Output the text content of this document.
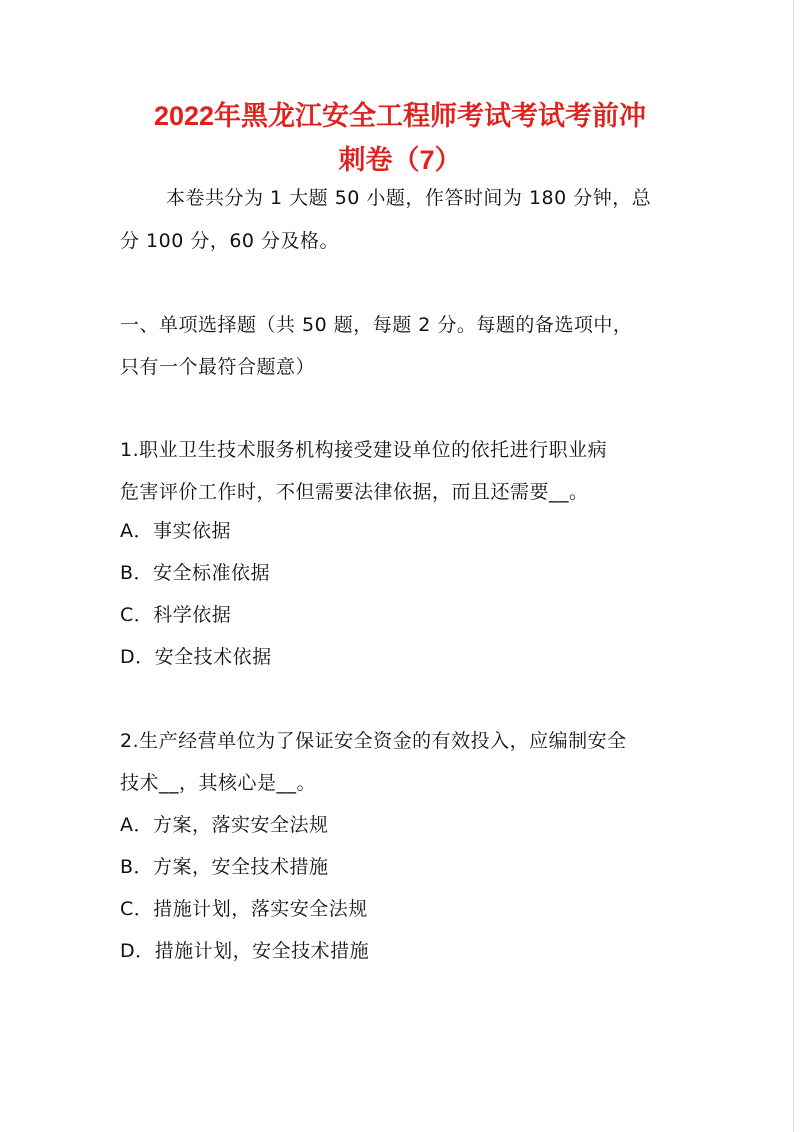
2022年黑龙江安全工程师考试考试考前冲
刺卷（7）

本卷共分为 1 大题 50 小题，作答时间为 180 分钟，总

分 100 分，60 分及格。

一、单项选择题（共 50 题，每题 2 分。每题的备选项中，

只有一个最符合题意）

1.职业卫生技术服务机构接受建设单位的依托进行职业病

危害评价工作时，不但需要法律依据，而且还需要__。

A．事实依据

B．安全标准依据

C．科学依据

D．安全技术依据

2.生产经营单位为了保证安全资金的有效投入，应编制安全

技术__，其核心是__。

A．方案，落实安全法规

B．方案，安全技术措施

C．措施计划，落实安全法规

D．措施计划，安全技术措施
